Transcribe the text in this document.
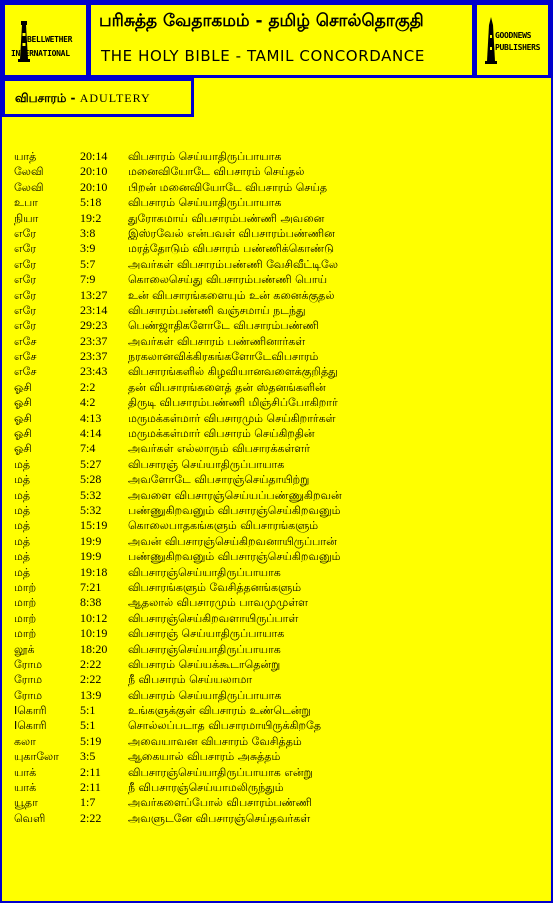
BELLWETHER
INTERNATIONAL
பரிசுத்த வேதாகமம் - தமிழ் சொல்தொகுதி
THE HOLY BIBLE - TAMIL CONCORDANCE
GOODNEWS
PUBLISHERS
விபசாரம் - ADULTERY
யாத்	20:14 விபசாரம் செய்யாதிருப்பாயாக
லேவி	20:10 மனைவியோடே விபசாரம் செய்தல்
லேவி	20:10 பிறன் மனைவியோடே விபசாரம் செய்த
உபா	5:18 விபசாரம் செய்யாதிருப்பாயாக
நியா	19:2 துரோகமாய் விபசாரம்பண்ணி அவனை
எரே	3:8	இஸ்ரவேல் என்பவள் விபசாரம்பண்ணின
எரே	3:9	மரத்தோடும் விபசாரம் பண்ணிக்கொண்டு
எரே	5:7	அவர்கள் விபசாரம்பண்ணி வேசிவீட்டிலே
எரே	7:9	கொலைசெய்து விபசாரம்பண்ணி பொய்
எரே	13:27 உன் விபசாரங்களையும் உன் கனைக்குதல்
எரே	23:14 விபசாரம்பண்ணி வஞ்சமாய் நடந்து
எரே	29:23 பெண்ஜாதிகளோடே விபசாரம்பண்ணி
எசே	23:37 அவர்கள் விபசாரம் பண்ணினார்கள்
எசே	23:37 நரகலானவிக்கிரகங்களோடேவிபசாரம்
எசே	23:43 விபசாரங்களில் கிழவியானவளைக்குறித்து
ஓசி	2:2	தன் விபசாரங்களைத் தன் ஸ்தனங்களின்
ஓசி	4:2	திருடி விபசாரம்பண்ணி மிஞ்சிப்போகிறார்
ஓசி	4:13 மருமக்கள்மார் விபசாரமும் செய்கிறார்கள்
ஓசி	4:14 மருமக்கள்மார் விபசாரம் செய்கிறதின்
ஓசி	7:4	அவர்கள் எல்லாரும் விபசாரக்கள்ளர்
மத்	5:27 விபசாரஞ் செய்யாதிருப்பாயாக
மத்	5:28 அவளோடே விபசாரஞ்செய்தாயிற்று
மத்	5:32 அவளை விபசாரஞ்செய்யப்பண்ணுகிறவன்
மத்	5:32 பண்ணுகிறவனும் விபசாரஞ்செய்கிறவனும்
மத்	15:19 கொலைபாதகங்களும் விபசாரங்களும்
மத்	19:9 அவன் விபசாரஞ்செய்கிறவனாயிருப்பான்
மத்	19:9 பண்ணுகிறவனும் விபசாரஞ்செய்கிறவனும்
மத்	19:18 விபசாரஞ்செய்யாதிருப்பாயாக
மாற்	7:21 விபசாரங்களும் வேசித்தனங்களும்
மாற்	8:38 ஆதலால் விபசாரமும் பாவமுமுள்ள
மாற்	10:12 விபசாரஞ்செய்கிறவளாயிருப்பாள்
மாற்	10:19 விபசாரஞ் செய்யாதிருப்பாயாக
லூக்	18:20 விபசாரஞ்செய்யாதிருப்பாயாக
ரோம	2:22 விபசாரம் செய்யக்கூடாதென்று
ரோம	2:22 நீ விபசாரம் செய்யலாமா
ரோம	13:9 விபசாரம் செய்யாதிருப்பாயாக
Iகொரி	5:1	உங்களுக்குள் விபசாரம் உண்டென்று
Iகொரி	5:1	சொல்லப்படாத விபசாரமாயிருக்கிறதே
கலா	5:19 அவையாவன விபசாரம் வேசித்தம்
யுகாலோ 3:5	ஆகையால் விபசாரம் அசுத்தம்
யாக்	2:11 விபசாரஞ்செய்யாதிருப்பாயாக என்று
யாக்	2:11 நீ விபசாரஞ்செய்யாமலிருந்தும்
யூதா	1:7	அவர்களைப்போல் விபசாரம்பண்ணி
வெளி	2:22 அவளுடனே விபசாரஞ்செய்தவர்கள்
